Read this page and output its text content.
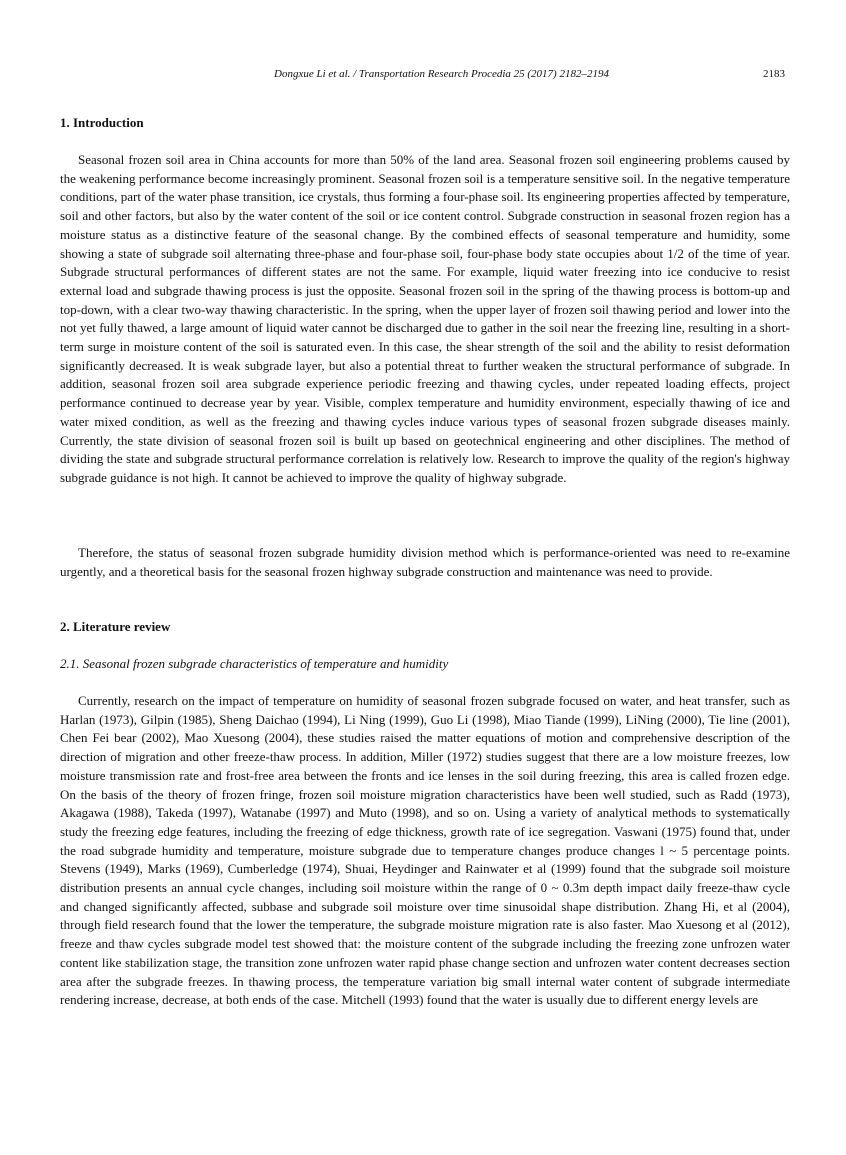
Dongxue Li et al. / Transportation Research Procedia 25 (2017) 2182–2194	2183
1. Introduction

Seasonal frozen soil area in China accounts for more than 50% of the land area. Seasonal frozen soil engineering problems caused by the weakening performance become increasingly prominent. Seasonal frozen soil is a temperature sensitive soil. In the negative temperature conditions, part of the water phase transition, ice crystals, thus forming a four-phase soil. Its engineering properties affected by temperature, soil and other factors, but also by the water content of the soil or ice content control. Subgrade construction in seasonal frozen region has a moisture status as a distinctive feature of the seasonal change. By the combined effects of seasonal temperature and humidity, some showing a state of subgrade soil alternating three-phase and four-phase soil, four-phase body state occupies about 1/2 of the time of year. Subgrade structural performances of different states are not the same. For example, liquid water freezing into ice conducive to resist external load and subgrade thawing process is just the opposite. Seasonal frozen soil in the spring of the thawing process is bottom-up and top-down, with a clear two-way thawing characteristic. In the spring, when the upper layer of frozen soil thawing period and lower into the not yet fully thawed, a large amount of liquid water cannot be discharged due to gather in the soil near the freezing line, resulting in a short-term surge in moisture content of the soil is saturated even. In this case, the shear strength of the soil and the ability to resist deformation significantly decreased. It is weak subgrade layer, but also a potential threat to further weaken the structural performance of subgrade. In addition, seasonal frozen soil area subgrade experience periodic freezing and thawing cycles, under repeated loading effects, project performance continued to decrease year by year. Visible, complex temperature and humidity environment, especially thawing of ice and water mixed condition, as well as the freezing and thawing cycles induce various types of seasonal frozen subgrade diseases mainly. Currently, the state division of seasonal frozen soil is built up based on geotechnical engineering and other disciplines. The method of dividing the state and subgrade structural performance correlation is relatively low. Research to improve the quality of the region's highway subgrade guidance is not high. It cannot be achieved to improve the quality of highway subgrade.

Therefore, the status of seasonal frozen subgrade humidity division method which is performance-oriented was need to re-examine urgently, and a theoretical basis for the seasonal frozen highway subgrade construction and maintenance was need to provide.

2. Literature review
2.1. Seasonal frozen subgrade characteristics of temperature and humidity

Currently, research on the impact of temperature on humidity of seasonal frozen subgrade focused on water, and heat transfer, such as Harlan (1973), Gilpin (1985), Sheng Daichao (1994), Li Ning (1999), Guo Li (1998), Miao Tiande (1999), LiNing (2000), Tie line (2001), Chen Fei bear (2002), Mao Xuesong (2004), these studies raised the matter equations of motion and comprehensive description of the direction of migration and other freeze-thaw process. In addition, Miller (1972) studies suggest that there are a low moisture freezes, low moisture transmission rate and frost-free area between the fronts and ice lenses in the soil during freezing, this area is called frozen edge. On the basis of the theory of frozen fringe, frozen soil moisture migration characteristics have been well studied, such as Radd (1973), Akagawa (1988), Takeda (1997), Watanabe (1997) and Muto (1998), and so on. Using a variety of analytical methods to systematically study the freezing edge features, including the freezing of edge thickness, growth rate of ice segregation. Vaswani (1975) found that, under the road subgrade humidity and temperature, moisture subgrade due to temperature changes produce changes l ~ 5 percentage points. Stevens (1949), Marks (1969), Cumberledge (1974), Shuai, Heydinger and Rainwater et al (1999) found that the subgrade soil moisture distribution presents an annual cycle changes, including soil moisture within the range of 0 ~ 0.3m depth impact daily freeze-thaw cycle and changed significantly affected, subbase and subgrade soil moisture over time sinusoidal shape distribution. Zhang Hi, et al (2004), through field research found that the lower the temperature, the subgrade moisture migration rate is also faster. Mao Xuesong et al (2012), freeze and thaw cycles subgrade model test showed that: the moisture content of the subgrade including the freezing zone unfrozen water content like stabilization stage, the transition zone unfrozen water rapid phase change section and unfrozen water content decreases section area after the subgrade freezes. In thawing process, the temperature variation big small internal water content of subgrade intermediate rendering increase, decrease, at both ends of the case. Mitchell (1993) found that the water is usually due to different energy levels are
